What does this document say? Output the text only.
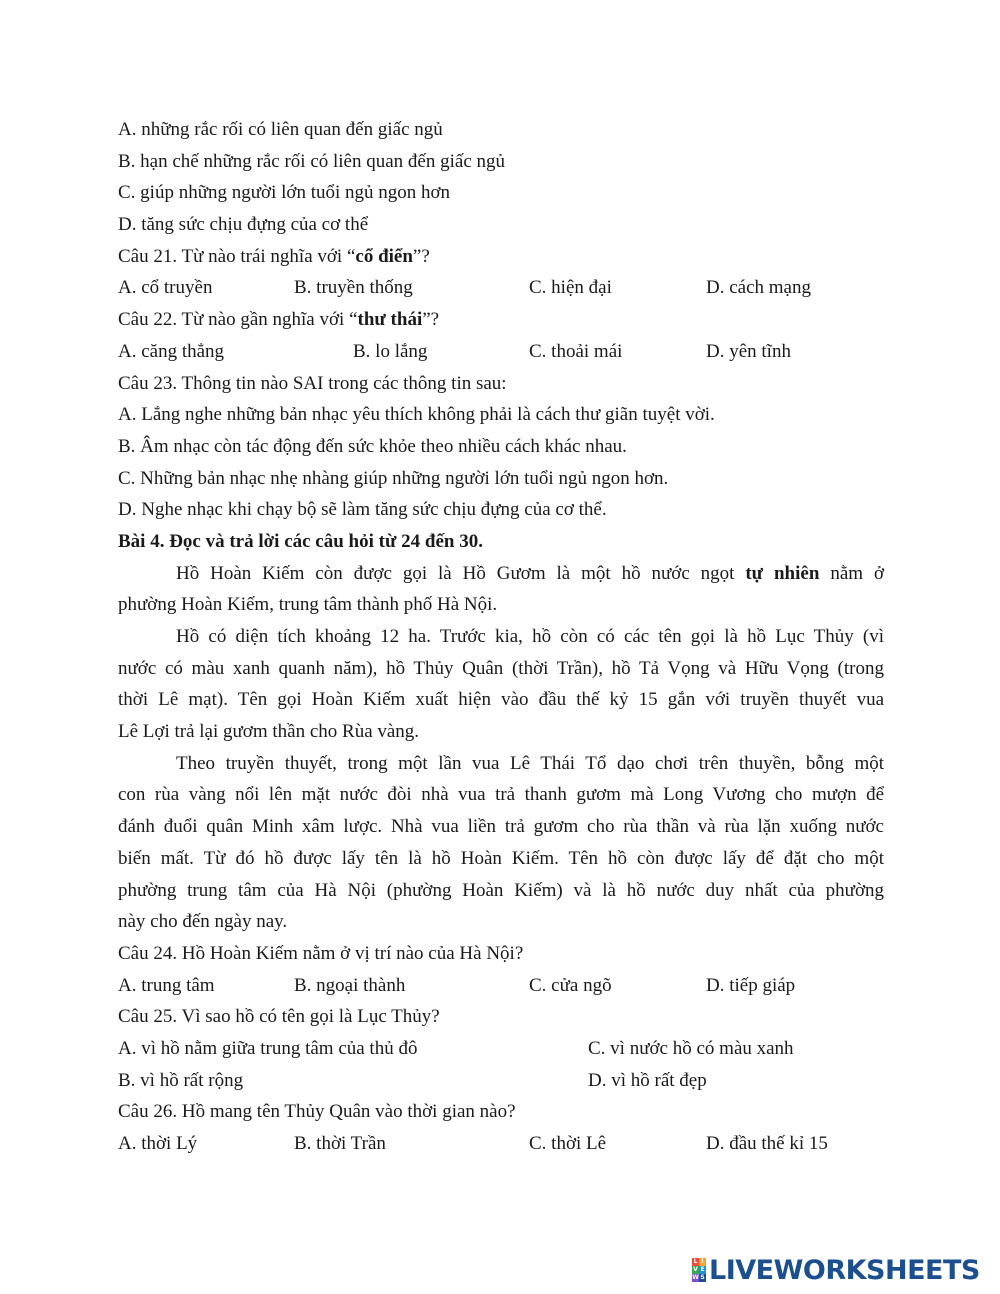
A. những rắc rối có liên quan đến giấc ngủ
B. hạn chế những rắc rối có liên quan đến giấc ngủ
C. giúp những người lớn tuổi ngủ ngon hơn
D. tăng sức chịu đựng của cơ thể
Câu 21. Từ nào trái nghĩa với “cổ điển”?
A. cổ truyền	B. truyền thống	C. hiện đại	D. cách mạng
Câu 22. Từ nào gần nghĩa với “thư thái”?
A. căng thẳng	B. lo lắng	C. thoải mái	D. yên tĩnh
Câu 23. Thông tin nào SAI trong các thông tin sau:
A. Lắng nghe những bản nhạc yêu thích không phải là cách thư giãn tuyệt vời.
B. Âm nhạc còn tác động đến sức khỏe theo nhiều cách khác nhau.
C. Những bản nhạc nhẹ nhàng giúp những người lớn tuổi ngủ ngon hơn.
D. Nghe nhạc khi chạy bộ sẽ làm tăng sức chịu đựng của cơ thể.
Bài 4. Đọc và trả lời các câu hỏi từ 24 đến 30.
Hồ Hoàn Kiếm còn được gọi là Hồ Gươm là một hồ nước ngọt tự nhiên nằm ở
phường Hoàn Kiếm, trung tâm thành phố Hà Nội.
Hồ có diện tích khoảng 12 ha. Trước kia, hồ còn có các tên gọi là hồ Lục Thủy (vì
nước có màu xanh quanh năm), hồ Thủy Quân (thời Trần), hồ Tả Vọng và Hữu Vọng (trong
thời Lê mạt). Tên gọi Hoàn Kiếm xuất hiện vào đầu thế kỷ 15 gắn với truyền thuyết vua
Lê Lợi trả lại gươm thần cho Rùa vàng.
Theo truyền thuyết, trong một lần vua Lê Thái Tổ dạo chơi trên thuyền, bỗng một
con rùa vàng nổi lên mặt nước đòi nhà vua trả thanh gươm mà Long Vương cho mượn để
đánh đuổi quân Minh xâm lược. Nhà vua liền trả gươm cho rùa thần và rùa lặn xuống nước
biến mất. Từ đó hồ được lấy tên là hồ Hoàn Kiếm. Tên hồ còn được lấy để đặt cho một
phường trung tâm của Hà Nội (phường Hoàn Kiếm) và là hồ nước duy nhất của phường
này cho đến ngày nay.
Câu 24. Hồ Hoàn Kiếm nằm ở vị trí nào của Hà Nội?
A. trung tâm	B. ngoại thành	C. cửa ngõ	D. tiếp giáp
Câu 25. Vì sao hồ có tên gọi là Lục Thủy?
A. vì hồ nằm giữa trung tâm của thủ đô	C. vì nước hồ có màu xanh
B. vì hồ rất rộng	D. vì hồ rất đẹp
Câu 26. Hồ mang tên Thủy Quân vào thời gian nào?
A. thời Lý	B. thời Trần	C. thời Lê	D. đầu thế kỉ 15
L I
V E
W S LIVEWORKSHEETS
